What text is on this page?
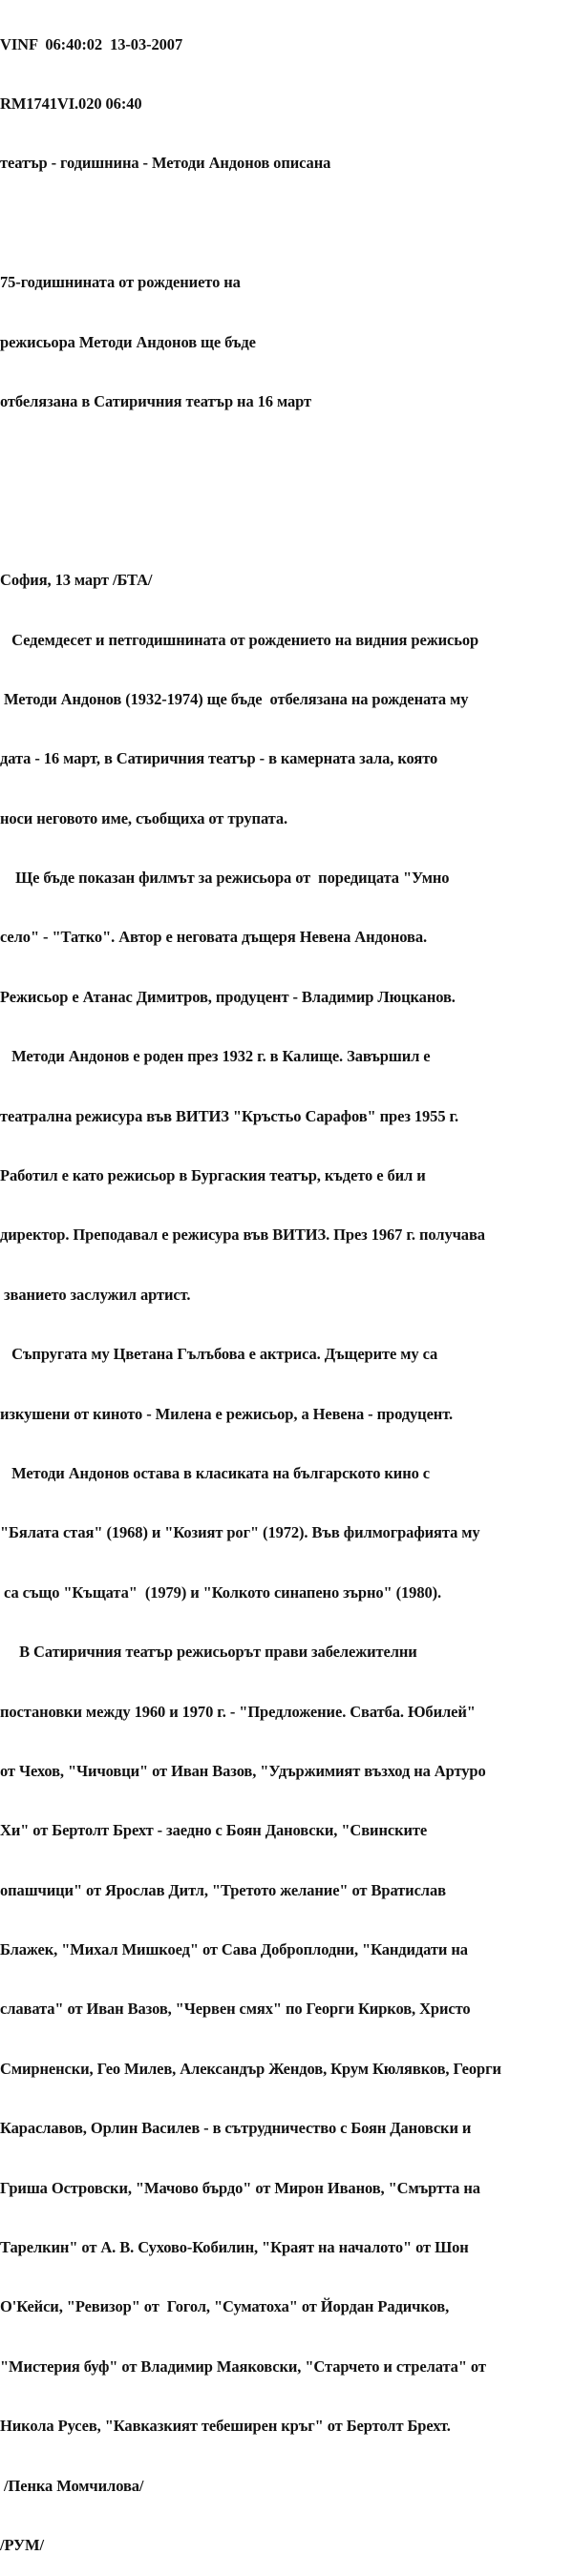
VINF  06:40:02  13-03-2007

RM1741VI.020 06:40

театър - годишнина - Методи Андонов описана

75-годишнината от рождението на

режисьора Методи Андонов ще бъде

отбелязана в Сатиричния театър на 16 март

София, 13 март /БТА/

Седемдесет и петгодишнината от рождението на видния режисьор

Методи Андонов (1932-1974) ще бъде  отбелязана на рождената му

дата - 16 март, в Сатиричния театър - в камерната зала, която

носи неговото име, съобщиха от трупата.

Ще бъде показан филмът за режисьора от  поредицата "Умно

село" - "Татко". Автор е неговата дъщеря Невена Андонова.

Режисьор е Атанас Димитров, продуцент - Владимир Люцканов.

Методи Андонов е роден през 1932 г. в Калище. Завършил е

театрална режисура във ВИТИЗ "Кръстьо Сарафов" през 1955 г.

Работил е като режисьор в Бургаския театър, където е бил и

директор. Преподавал е режисура във ВИТИЗ. През 1967 г. получава

званието заслужил артист.

Съпругата му Цветана Гълъбова е актриса. Дъщерите му са

изкушени от киното - Милена е режисьор, а Невена - продуцент.

Методи Андонов остава в класиката на българското кино с

"Бялата стая" (1968) и "Козият рог" (1972). Във филмографията му

са също "Къщата"  (1979) и "Колкото синапено зърно" (1980).

В Сатиричния театър режисьорът прави забележителни

постановки между 1960 и 1970 г. - "Предложение. Сватба. Юбилей"

от Чехов, "Чичовци" от Иван Вазов, "Удържимият възход на Артуро

Хи" от Бертолт Брехт - заедно с Боян Дановски, "Свинските

опашчици" от Ярослав Дитл, "Третото желание" от Вратислав

Блажек, "Михал Мишкоед" от Сава Доброплодни, "Кандидати на

славата" от Иван Вазов, "Червен смях" по Георги Кирков, Христо

Смирненски, Гео Милев, Александър Жендов, Крум Кюлявков, Георги

Караславов, Орлин Василев - в сътрудничество с Боян Дановски и

Гриша Островски, "Мачово бърдо" от Мирон Иванов, "Смъртта на

Тарелкин" от А. В. Сухово-Кобилин, "Краят на началото" от Шон

О'Кейси, "Ревизор" от  Гогол, "Суматоха" от Йордан Радичков,

"Мистерия буф" от Владимир Маяковски, "Старчето и стрелата" от

Никола Русев, "Кавказкият тебеширен кръг" от Бертолт Брехт.

/Пенка Момчилова/

/РУМ/
